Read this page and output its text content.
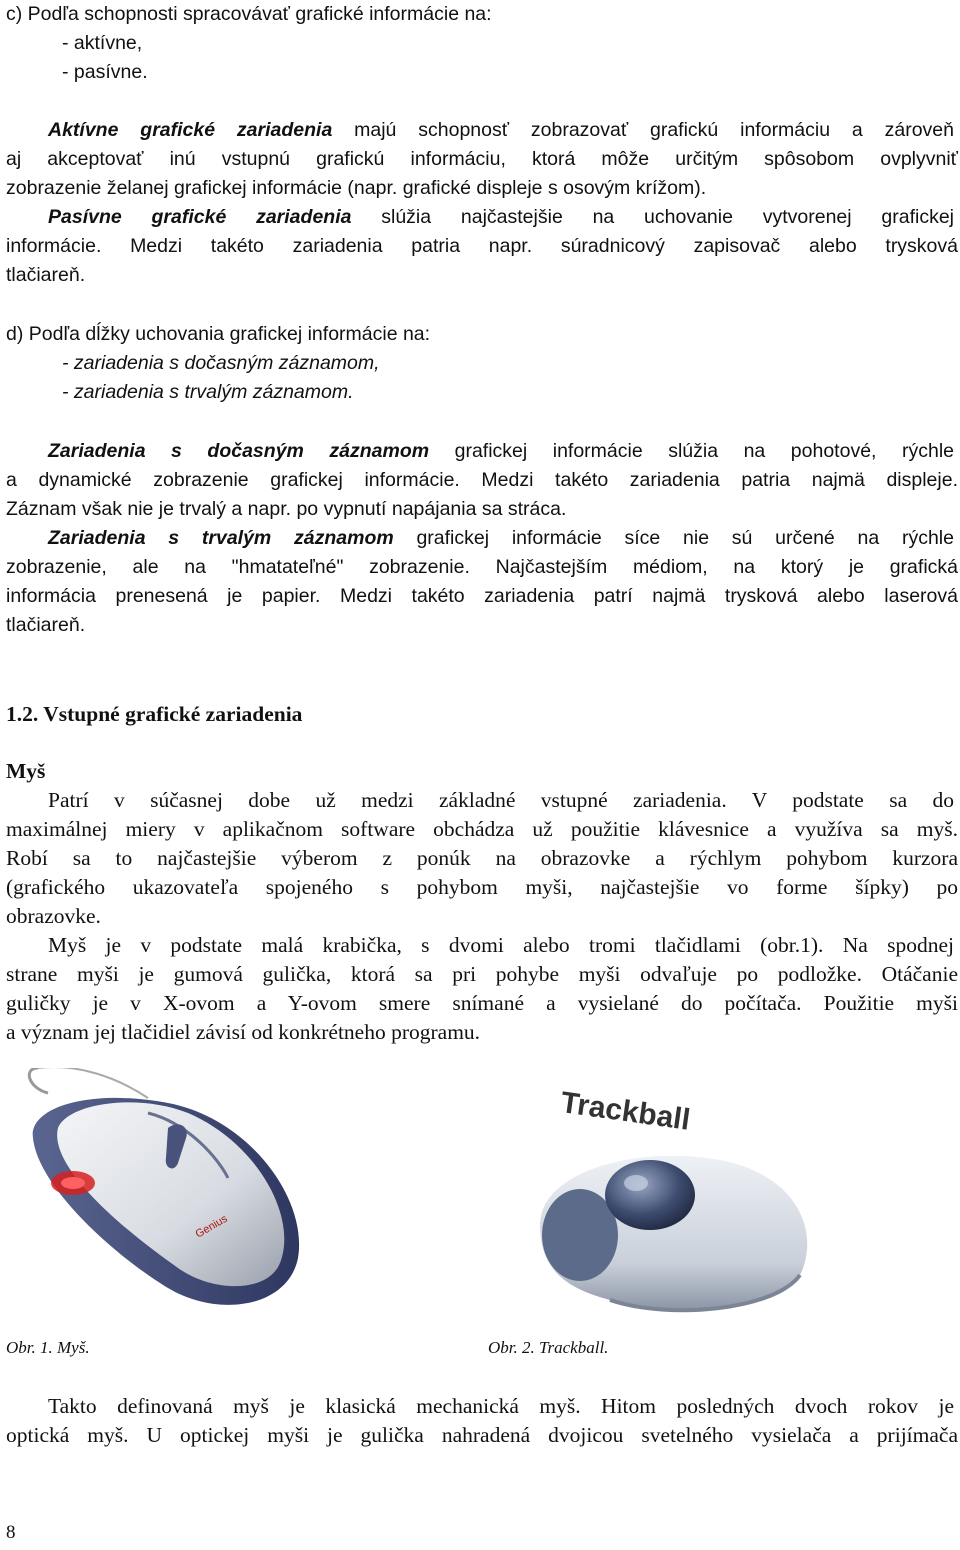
c) Podľa schopnosti spracovávať grafické informácie na:
- aktívne,
- pasívne.
Aktívne grafické zariadenia majú schopnosť zobrazovať grafickú informáciu a zároveň
aj akceptovať inú vstupnú grafickú informáciu, ktorá môže určitým spôsobom ovplyvniť
zobrazenie želanej grafickej informácie (napr. grafické displeje s osovým krížom).
Pasívne grafické zariadenia slúžia najčastejšie na uchovanie vytvorenej grafickej
informácie. Medzi takéto zariadenia patria napr. súradnicový zapisovač alebo trysková
tlačiareň.
d) Podľa dĺžky uchovania grafickej informácie na:
- zariadenia s dočasným záznamom,
- zariadenia s trvalým záznamom.
Zariadenia s dočasným záznamom grafickej informácie slúžia na pohotové, rýchle
a dynamické zobrazenie grafickej informácie. Medzi takéto zariadenia patria najmä displeje.
Záznam však nie je trvalý a napr. po vypnutí napájania sa stráca.
Zariadenia s trvalým záznamom grafickej informácie síce nie sú určené na rýchle
zobrazenie, ale na "hmatateľné" zobrazenie. Najčastejším médiom, na ktorý je grafická
informácia prenesená je papier. Medzi takéto zariadenia patrí najmä trysková alebo laserová
tlačiareň.
1.2. Vstupné grafické zariadenia
Myš
Patrí v súčasnej dobe už medzi základné vstupné zariadenia. V podstate sa do
maximálnej miery v aplikačnom software obchádza už použitie klávesnice a využíva sa myš.
Robí sa to najčastejšie výberom z ponúk na obrazovke a rýchlym pohybom kurzora
(grafického ukazovateľa spojeného s pohybom myši, najčastejšie vo forme šípky) po
obrazovke.
Myš je v podstate malá krabička, s dvomi alebo tromi tlačidlami (obr.1). Na spodnej
strane myši je gumová gulička, ktorá sa pri pohybe myši odvaľuje po podložke. Otáčanie
guličky je v X-ovom a Y-ovom smere snímané a vysielané do počítača. Použitie myši
a význam jej tlačidiel závisí od konkrétneho programu.
Genius
Trackball
Obr. 1. Myš.	Obr. 2. Trackball.
Takto definovaná myš je klasická mechanická myš. Hitom posledných dvoch rokov je
optická myš. U optickej myši je gulička nahradená dvojicou svetelného vysielača a prijímača
8
